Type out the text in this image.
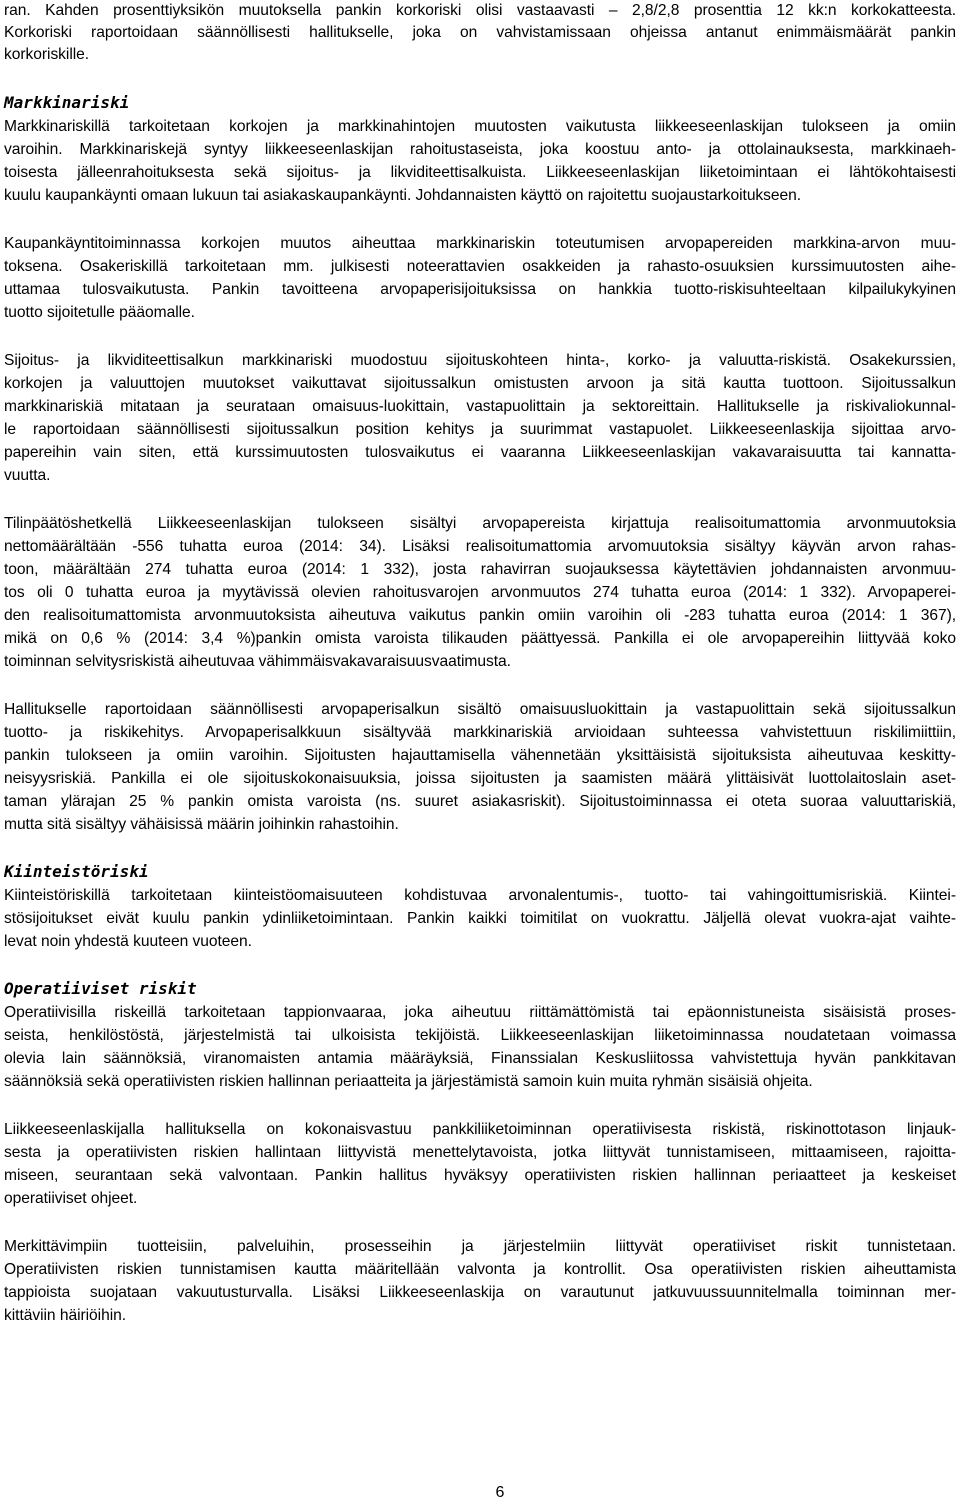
ran. Kahden prosenttiyksikön muutoksella pankin korkoriski olisi vastaavasti – 2,8/2,8 prosenttia 12 kk:n korkokatteesta.
Korkoriski raportoidaan säännöllisesti hallitukselle, joka on vahvistamissaan ohjeissa antanut enimmäismäärät pankin
korkoriskille.
Markkinariski
Markkinariskillä tarkoitetaan korkojen ja markkinahintojen muutosten vaikutusta liikkeeseenlaskijan tulokseen ja omiin
varoihin. Markkinariskejä syntyy liikkeeseenlaskijan rahoitustaseista, joka koostuu anto- ja ottolainauksesta, markkinaeh-
toisesta jälleenrahoituksesta sekä sijoitus- ja likviditeettisalkuista. Liikkeeseenlaskijan liiketoimintaan ei lähtökohtaisesti
kuulu kaupankäynti omaan lukuun tai asiakaskaupankäynti. Johdannaisten käyttö on rajoitettu suojaustarkoitukseen.
Kaupankäyntitoiminnassa korkojen muutos aiheuttaa markkinariskin toteutumisen arvopapereiden markkina-arvon muu-
toksena. Osakeriskillä tarkoitetaan mm. julkisesti noteerattavien osakkeiden ja rahasto-osuuksien kurssimuutosten aihe-
uttamaa tulosvaikutusta. Pankin tavoitteena arvopaperisijoituksissa on hankkia tuotto-riskisuhteeltaan kilpailukykyinen
tuotto sijoitetulle pääomalle.
Sijoitus- ja likviditeettisalkun markkinariski muodostuu sijoituskohteen hinta-, korko- ja valuutta-riskistä. Osakekurssien,
korkojen ja valuuttojen muutokset vaikuttavat sijoitussalkun omistusten arvoon ja sitä kautta tuottoon. Sijoitussalkun
markkinariskiä mitataan ja seurataan omaisuus-luokittain, vastapuolittain ja sektoreittain. Hallitukselle ja riskivaliokunnal-
le raportoidaan säännöllisesti sijoitussalkun position kehitys ja suurimmat vastapuolet. Liikkeeseenlaskija sijoittaa arvo-
papereihin vain siten, että kurssimuutosten tulosvaikutus ei vaaranna Liikkeeseenlaskijan vakavaraisuutta tai kannatta-
vuutta.
Tilinpäätöshetkellä Liikkeeseenlaskijan tulokseen sisältyi arvopapereista kirjattuja realisoitumattomia arvonmuutoksia
nettomäärältään -556 tuhatta euroa (2014: 34). Lisäksi realisoitumattomia arvomuutoksia sisältyy käyvän arvon rahas-
toon, määrältään 274 tuhatta euroa (2014: 1 332), josta rahavirran suojauksessa käytettävien johdannaisten arvonmuu-
tos oli 0 tuhatta euroa ja myytävissä olevien rahoitusvarojen arvonmuutos 274 tuhatta euroa (2014: 1 332). Arvopaperei-
den realisoitumattomista arvonmuutoksista aiheutuva vaikutus pankin omiin varoihin oli -283 tuhatta euroa (2014: 1 367),
mikä on 0,6 % (2014: 3,4 %)pankin omista varoista tilikauden päättyessä. Pankilla ei ole arvopapereihin liittyvää koko
toiminnan selvitysriskistä aiheutuvaa vähimmäisvakavaraisuusvaatimusta.
Hallitukselle raportoidaan säännöllisesti arvopaperisalkun sisältö omaisuusluokittain ja vastapuolittain sekä sijoitussalkun
tuotto- ja riskikehitys. Arvopaperisalkkuun sisältyvää markkinariskiä arvioidaan suhteessa vahvistettuun riskilimiittiin,
pankin tulokseen ja omiin varoihin. Sijoitusten hajauttamisella vähennetään yksittäisistä sijoituksista aiheutuvaa keskitty-
neisyysriskiä. Pankilla ei ole sijoituskokonaisuuksia, joissa sijoitusten ja saamisten määrä ylittäisivät luottolaitoslain aset-
taman ylärajan 25 % pankin omista varoista (ns. suuret asiakasriskit). Sijoitustoiminnassa ei oteta suoraa valuuttariskiä,
mutta sitä sisältyy vähäisissä määrin joihinkin rahastoihin.
Kiinteistöriski
Kiinteistöriskillä tarkoitetaan kiinteistöomaisuuteen kohdistuvaa arvonalentumis-, tuotto- tai vahingoittumisriskiä. Kiintei-
stösijoitukset eivät kuulu pankin ydinliiketoimintaan. Pankin kaikki toimitilat on vuokrattu. Jäljellä olevat vuokra-ajat vaihte-
levat noin yhdestä kuuteen vuoteen.
Operatiiviset riskit
Operatiivisilla riskeillä tarkoitetaan tappionvaaraa, joka aiheutuu riittämättömistä tai epäonnistuneista sisäisistä proses-
seista, henkilöstöstä, järjestelmistä tai ulkoisista tekijöistä. Liikkeeseenlaskijan liiketoiminnassa noudatetaan voimassa
olevia lain säännöksiä, viranomaisten antamia määräyksiä, Finanssialan Keskusliitossa vahvistettuja hyvän pankkitavan
säännöksiä sekä operatiivisten riskien hallinnan periaatteita ja järjestämistä samoin kuin muita ryhmän sisäisiä ohjeita.
Liikkeeseenlaskijalla hallituksella on kokonaisvastuu pankkiliiketoiminnan operatiivisesta riskistä, riskinottotason linjauk-
sesta ja operatiivisten riskien hallintaan liittyvistä menettelytavoista, jotka liittyvät tunnistamiseen, mittaamiseen, rajoitta-
miseen, seurantaan sekä valvontaan. Pankin hallitus hyväksyy operatiivisten riskien hallinnan periaatteet ja keskeiset
operatiiviset ohjeet.
Merkittävimpiin tuotteisiin, palveluihin, prosesseihin ja järjestelmiin liittyvät operatiiviset riskit tunnistetaan.
Operatiivisten riskien tunnistamisen kautta määritellään valvonta ja kontrollit. Osa operatiivisten riskien aiheuttamista
tappioista suojataan vakuutusturvalla. Lisäksi Liikkeeseenlaskija on varautunut jatkuvuussuunnitelmalla toiminnan mer-
kittäviin häiriöihin.
6
